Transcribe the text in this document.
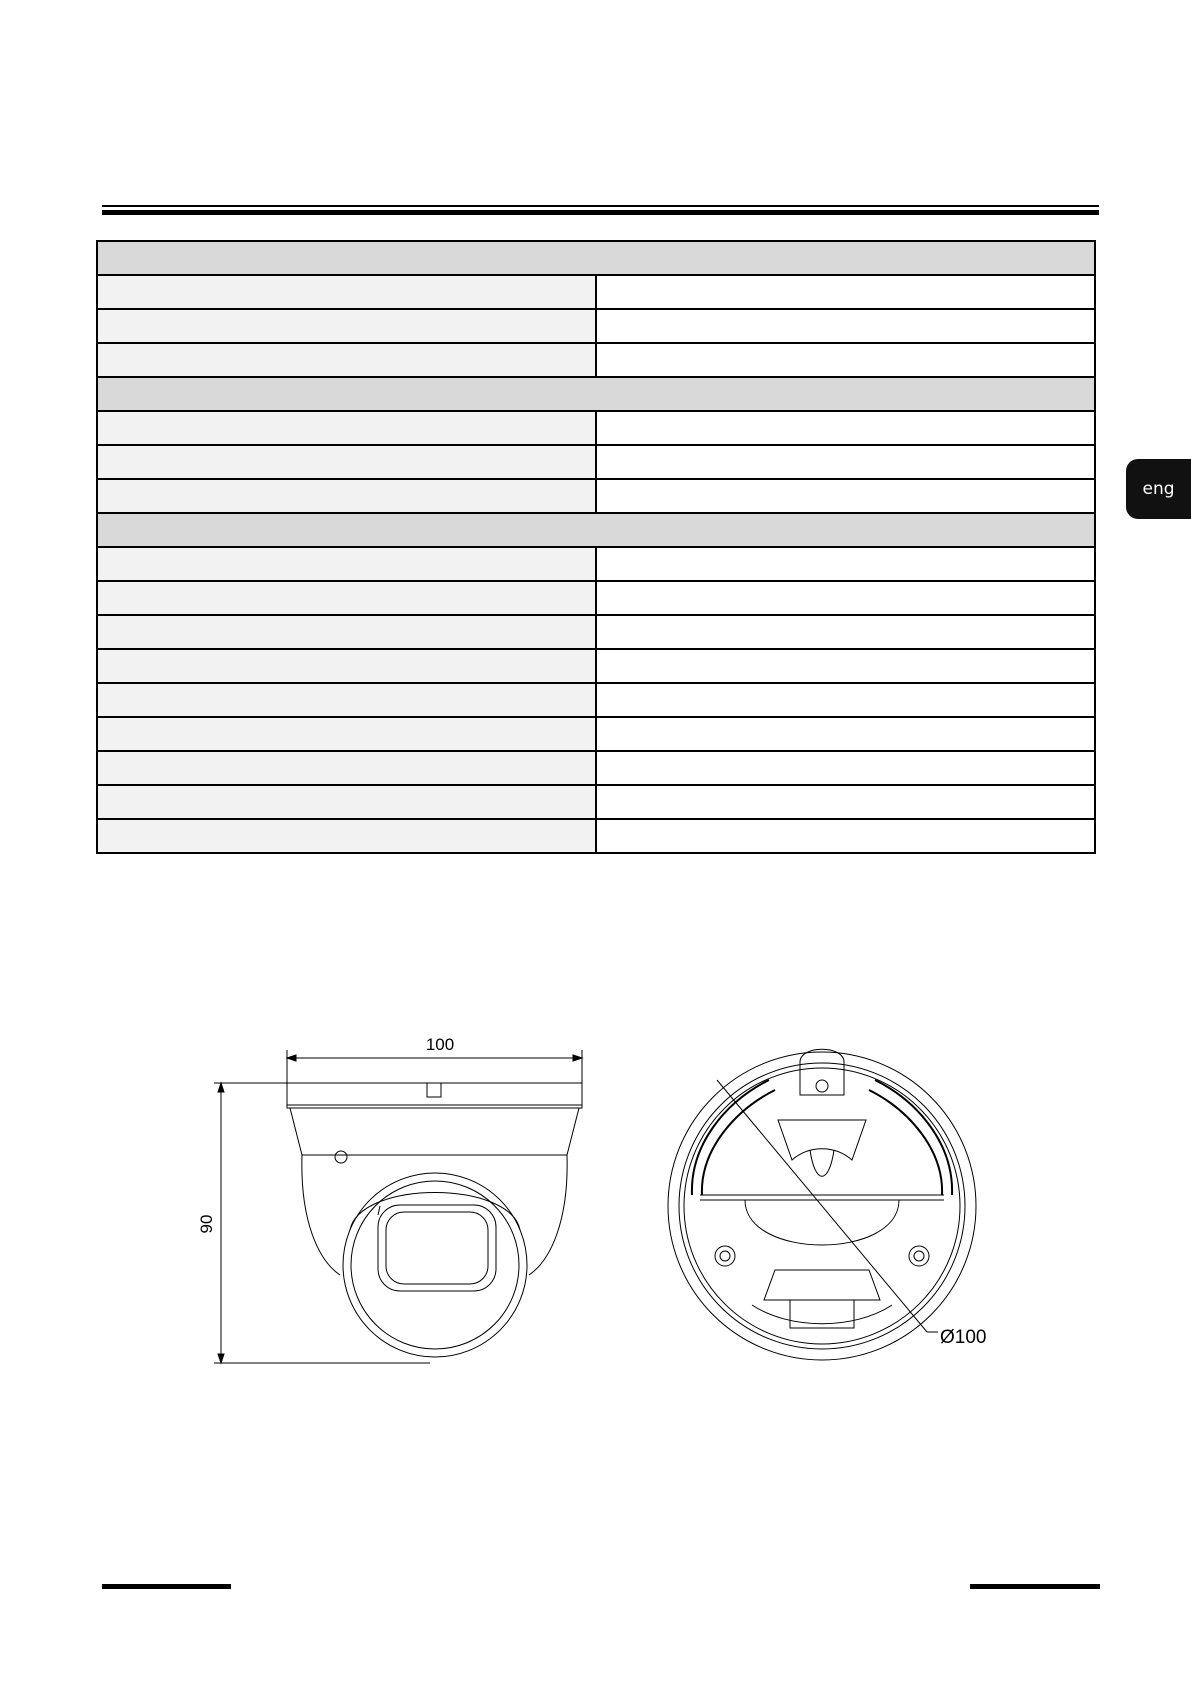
eng
100
90
Ø100
